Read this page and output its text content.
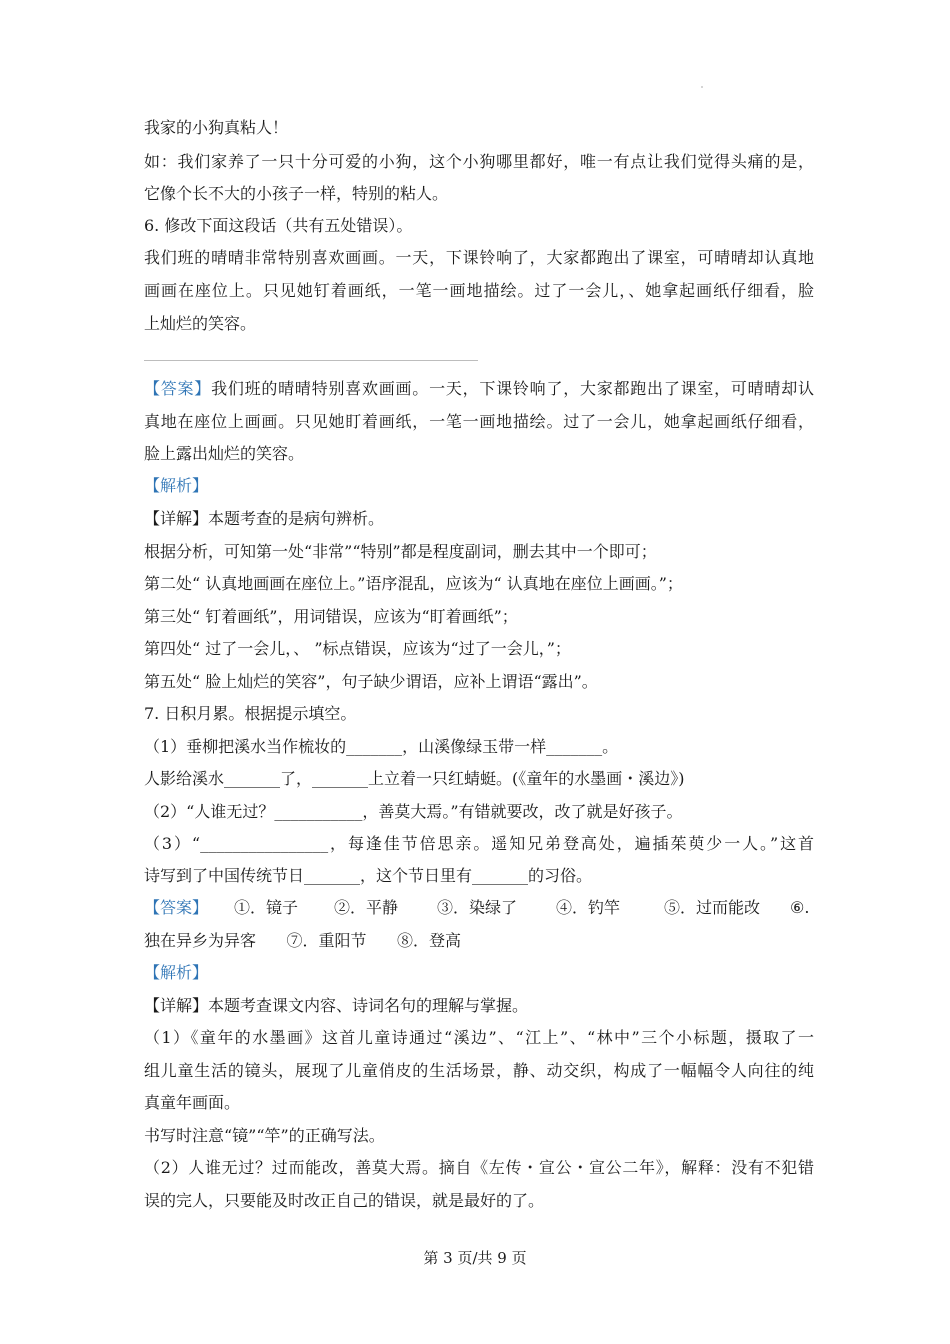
我家的小狗真粘人！
如：我们家养了一只十分可爱的小狗，这个小狗哪里都好，唯一有点让我们觉得头痛的是，
它像个长不大的小孩子一样，特别的粘人。
6. 修改下面这段话（共有五处错误）。
我们班的晴晴非常特别喜欢画画。一天，下课铃响了，大家都跑出了课室，可晴晴却认真地
画画在座位上。只见她钉着画纸，一笔一画地描绘。过了一会儿，、她拿起画纸仔细看，脸
上灿烂的笑容。
【答案】我们班的晴晴特别喜欢画画。一天，下课铃响了，大家都跑出了课室，可晴晴却认
真地在座位上画画。只见她盯着画纸，一笔一画地描绘。过了一会儿，她拿起画纸仔细看，
脸上露出灿烂的笑容。
【解析】
【详解】本题考查的是病句辨析。
根据分析，可知第一处“非常”“特别”都是程度副词，删去其中一个即可；
第二处“ 认真地画画在座位上。”语序混乱，应该为“ 认真地在座位上画画。”；
第三处“ 钉着画纸”，用词错误，应该为“盯着画纸”；
第四处“ 过了一会儿，、 ”标点错误，应该为“过了一会儿，”；
第五处“ 脸上灿烂的笑容”，句子缺少谓语，应补上谓语“露出”。
7. 日积月累。根据提示填空。
（1）垂柳把溪水当作梳妆的_______，山溪像绿玉带一样_______。
人影给溪水_______了，_______上立着一只红蜻蜓。(《童年的水墨画・溪边》)
（2）“人谁无过？___________，善莫大焉。”有错就要改，改了就是好孩子。
（3）“________________，每逢佳节倍思亲。遥知兄弟登高处，遍插茱萸少一人。”这首
诗写到了中国传统节日_______，这个节日里有_______的习俗。
【答案】 ①．镜子 ②．平静 ③．染绿了 ④．钓竿	⑤．过而能改 ⑥.
独在异乡为异客      ⑦．重阳节      ⑧．登高
【解析】
【详解】本题考查课文内容、诗词名句的理解与掌握。
（1）《童年的水墨画》这首儿童诗通过“溪边”、“江上”、“林中”三个小标题，摄取了一
组儿童生活的镜头，展现了儿童俏皮的生活场景，静、动交织，构成了一幅幅令人向往的纯
真童年画面。
书写时注意“镜”“竿”的正确写法。
（2）人谁无过？过而能改，善莫大焉。摘自《左传・宣公・宣公二年》，解释：没有不犯错
误的完人，只要能及时改正自己的错误，就是最好的了。
第 3 页/共 9 页
